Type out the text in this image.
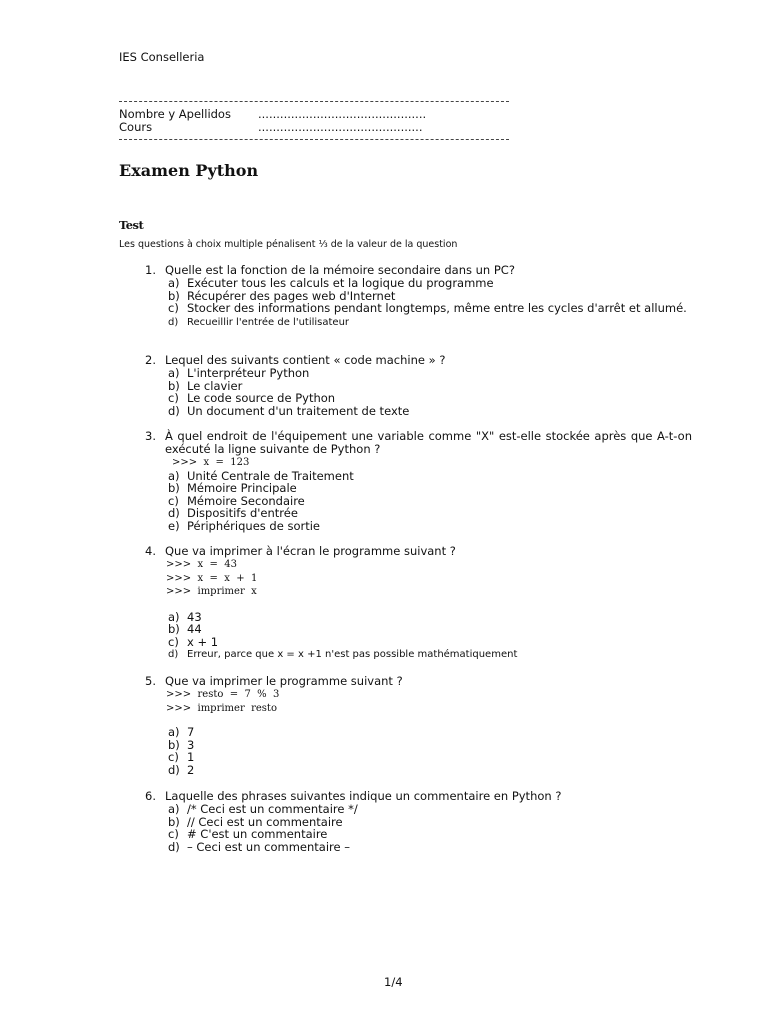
IES Conselleria
Nombre y Apellidos ..............................................
Cours	.............................................
Examen Python
Test
Les questions à choix multiple pénalisent ⅓ de la valeur de la question
1. Quelle est la fonction de la mémoire secondaire dans un PC?
a) Exécuter tous les calculs et la logique du programme
b) Récupérer des pages web d'Internet
c) Stocker des informations pendant longtemps, même entre les cycles d'arrêt et allumé.
d) Recueillir l'entrée de l'utilisateur
2. Lequel des suivants contient « code machine » ?
a) L'interpréteur Python
b) Le clavier
c) Le code source de Python
d) Un document d'un traitement de texte
3. À quel endroit de l'équipement une variable comme "X" est-elle stockée après que A-t-on exécuté la ligne suivante de Python ?
>>>  x  =  123
a) Unité Centrale de Traitement
b) Mémoire Principale
c) Mémoire Secondaire
d) Dispositifs d'entrée
e) Périphériques de sortie
4. Que va imprimer à l'écran le programme suivant ?
>>>  x  =  43
>>>  x  =  x  +  1
>>>  imprimer  x
a) 43
b) 44
c) x + 1
d) Erreur, parce que x = x +1 n'est pas possible mathématiquement
5. Que va imprimer le programme suivant ?
>>>  resto  =  7  %  3
>>>  imprimer  resto
a) 7
b) 3
c) 1
d) 2
6. Laquelle des phrases suivantes indique un commentaire en Python ?
a) /* Ceci est un commentaire */
b) // Ceci est un commentaire
c) # C'est un commentaire
d) – Ceci est un commentaire –
1/4
